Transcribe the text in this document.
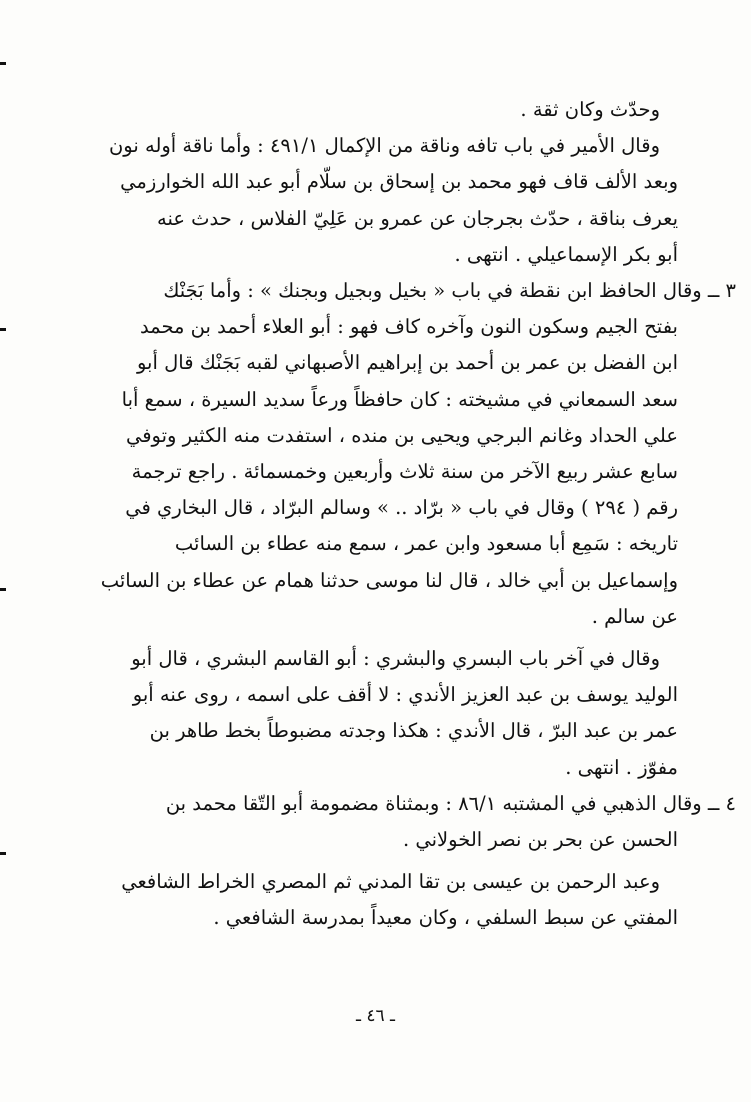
وحدّث وكان ثقة .
وقال الأمير في باب تافه وناقة من الإكمال ٤٩١/١ : وأما ناقة أوله نون
وبعد الألف قاف فهو محمد بن إسحاق بن سلّام أبو عبد الله الخوارزمي
يعرف بناقة ، حدّث بجرجان عن عمرو بن عَلِيّ الفلاس ، حدث عنه
أبو بكر الإسماعيلي . انتهى .
٣ ــ وقال الحافظ ابن نقطة في باب « بخيل وبجيل وبجنك » : وأما بَجَنْك
بفتح الجيم وسكون النون وآخره كاف فهو : أبو العلاء أحمد بن محمد
ابن الفضل بن عمر بن أحمد بن إبراهيم الأصبهاني لقبه بَجَنْك قال أبو
سعد السمعاني في مشيخته : كان حافظاً ورعاً سديد السيرة ، سمع أبا
علي الحداد وغانم البرجي ويحيى بن منده ، استفدت منه الكثير وتوفي
سابع عشر ربيع الآخر من سنة ثلاث وأربعين وخمسمائة . راجع ترجمة
رقم ( ٢٩٤ ) وقال في باب « برّاد .. » وسالم البرّاد ، قال البخاري في
تاريخه : سَمِع أبا مسعود وابن عمر ، سمع منه عطاء بن السائب
وإسماعيل بن أبي خالد ، قال لنا موسى حدثنا همام عن عطاء بن السائب
عن سالم .
وقال في آخر باب البسري والبشري : أبو القاسم البشري ، قال أبو
الوليد يوسف بن عبد العزيز الأندي : لا أقف على اسمه ، روى عنه أبو
عمر بن عبد البرّ ، قال الأندي : هكذا وجدته مضبوطاً بخط طاهر بن
مفوّز . انتهى .
٤ ــ وقال الذهبي في المشتبه ٨٦/١ : وبمثناة مضمومة أبو التّقا محمد بن
الحسن عن بحر بن نصر الخولاني .
وعبد الرحمن بن عيسى بن تقا المدني ثم المصري الخراط الشافعي
المفتي عن سبط السلفي ، وكان معيداً بمدرسة الشافعي .
ـ ٤٦ ـ
